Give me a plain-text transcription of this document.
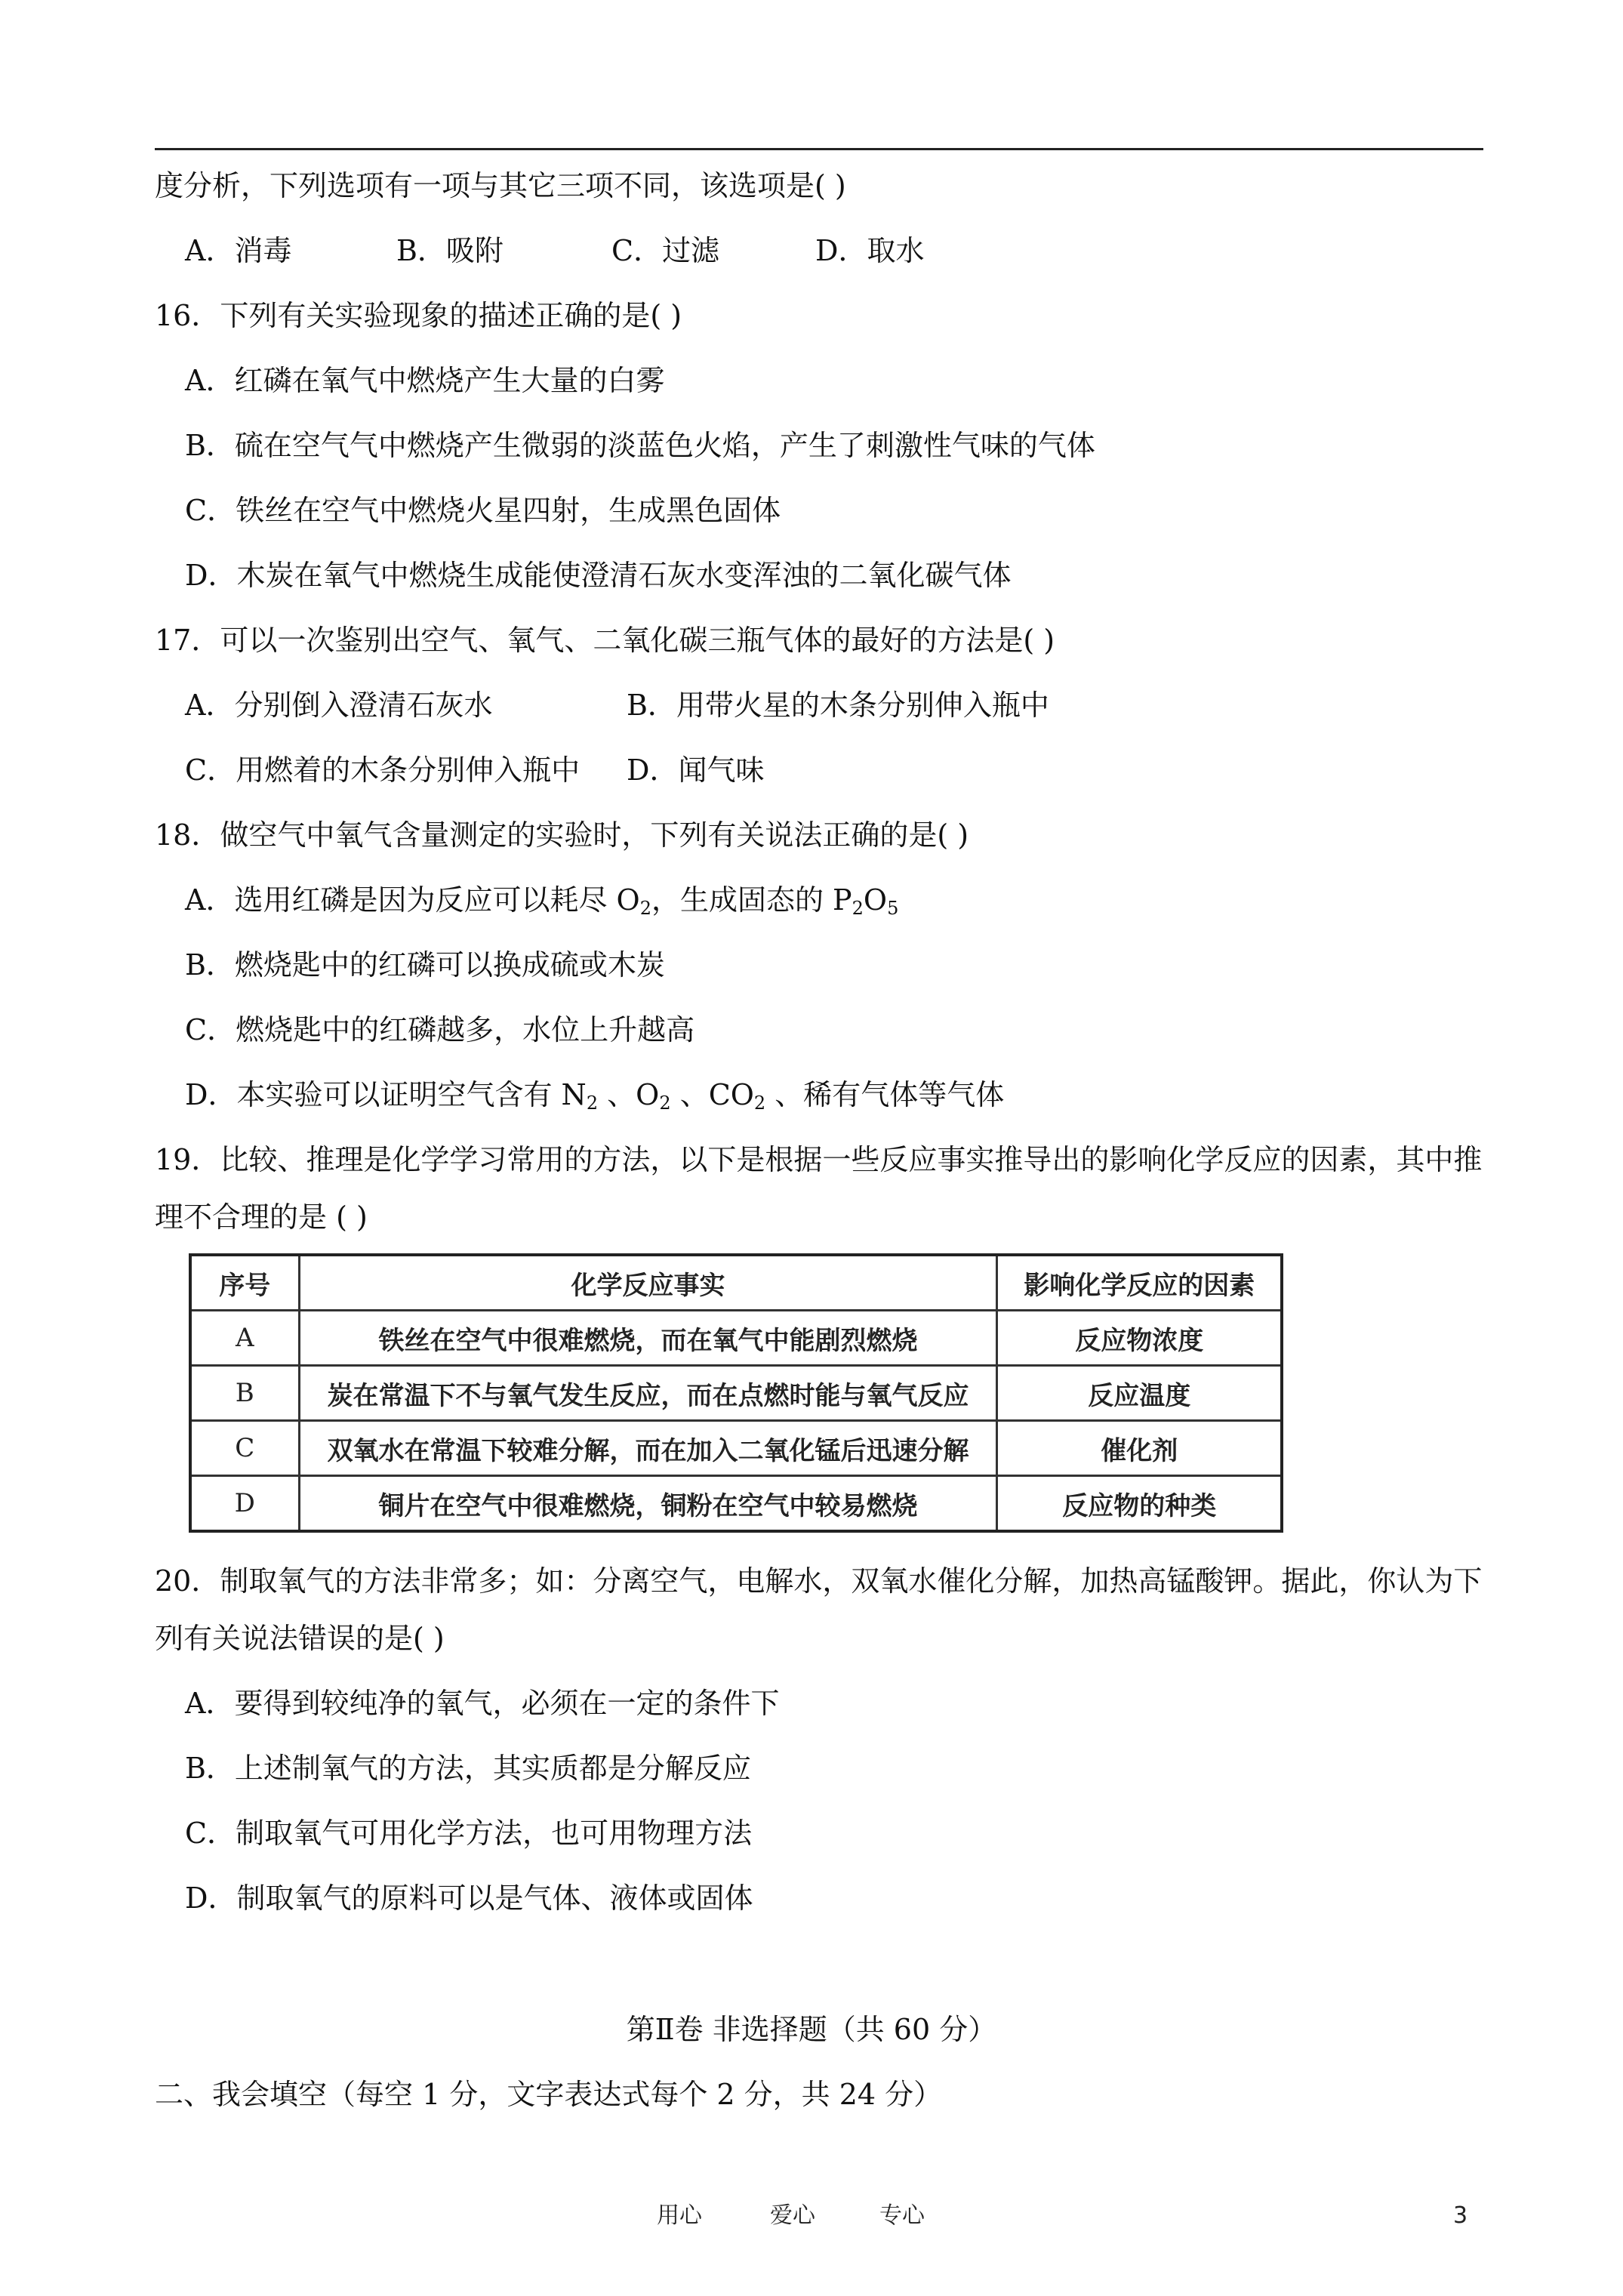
度分析，下列选项有一项与其它三项不同，该选项是( )
A．消毒	B．吸附	C．过滤	D．取水
16．下列有关实验现象的描述正确的是( )
A．红磷在氧气中燃烧产生大量的白雾
B．硫在空气气中燃烧产生微弱的淡蓝色火焰，产生了刺激性气味的气体
C．铁丝在空气中燃烧火星四射，生成黑色固体
D．木炭在氧气中燃烧生成能使澄清石灰水变浑浊的二氧化碳气体
17．可以一次鉴别出空气、氧气、二氧化碳三瓶气体的最好的方法是( )
A．分别倒入澄清石灰水	B．用带火星的木条分别伸入瓶中
C．用燃着的木条分别伸入瓶中 D．闻气味
18．做空气中氧气含量测定的实验时，下列有关说法正确的是( )
A．选用红磷是因为反应可以耗尽 $O_2$，生成固态的 $P_2O_5$
B．燃烧匙中的红磷可以换成硫或木炭
C．燃烧匙中的红磷越多，水位上升越高
D．本实验可以证明空气含有 $N_2$ 、$O_2$ 、$CO_2$ 、稀有气体等气体
19．比较、推理是化学学习常用的方法，以下是根据一些反应事实推导出的影响化学反应的因素，其中推
理不合理的是 ( )
序号	化学反应事实	影响化学反应的因素
A	铁丝在空气中很难燃烧，而在氧气中能剧烈燃烧	反应物浓度
B	炭在常温下不与氧气发生反应，而在点燃时能与氧气反应	反应温度
C	双氧水在常温下较难分解，而在加入二氧化锰后迅速分解	催化剂
D	铜片在空气中很难燃烧，铜粉在空气中较易燃烧	反应物的种类
20．制取氧气的方法非常多；如：分离空气，电解水，双氧水催化分解，加热高锰酸钾。据此，你认为下
列有关说法错误的是( )
A．要得到较纯净的氧气，必须在一定的条件下
B．上述制氧气的方法，其实质都是分解反应
C．制取氧气可用化学方法，也可用物理方法
D．制取氧气的原料可以是气体、液体或固体
第Ⅱ卷 非选择题（共 60 分）
二、我会填空（每空 1 分，文字表达式每个 2 分，共 24 分）
用心	爱心	专心	3
